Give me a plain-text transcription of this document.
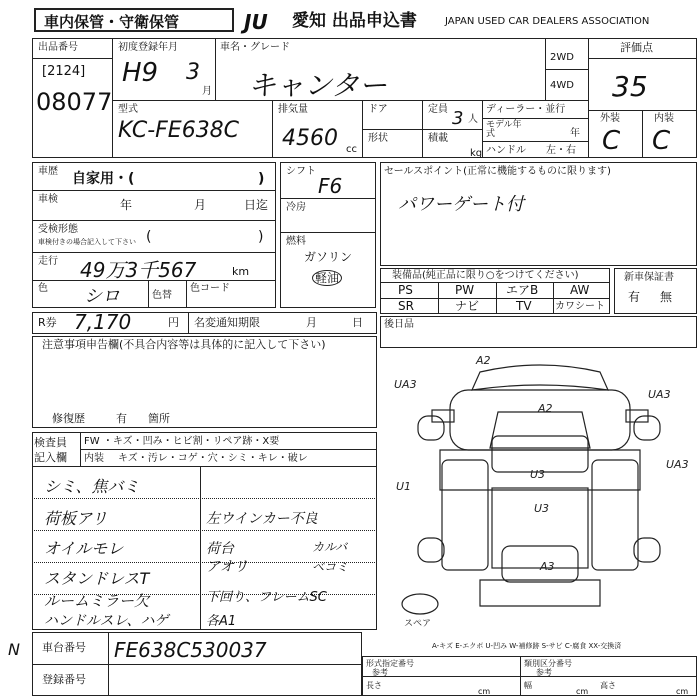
車内保管・守衛保管	JU	愛知 出品申込書	JAPAN USED CAR DEALERS ASSOCIATION
出品番号
[2124]
08077
初度登録年月
H9 3
月
車名・グレード
キャンター
2WD
4WD
評価点
35
型式
KC-FE638C
排気量
4560 cc
ドア
形状
定員 3 人
積載
kg
ディーラー・並行
モデル年式	年
ハンドル 左・右
外装	内装
C C
車歴 自家用・(	)
車検	年	月	日迄
受検形態
車検付きの場合記入して下さい (	)
走行 49万3千567	km
色 シロ	色替
色コード
シフト
F6
冷房
燃料
ガソリン
軽油
セールスポイント(正常に機能するものに限ります)
パワーゲート付
装備品(純正品に限り○をつけてください)
PS	PW	エアB	AW
SR	ナビ	TV カワシート
新車保証書
有 無
R券 7,170	円 名変通知期限	月	日 後日品
注意事項申告欄(不具合内容等は具体的に記入して下さい)
修復歴	有 箇所
検査員
記入欄
FW ・キズ・凹み・ヒビ割・リペア跡・X要
内装 キズ・汚レ・コゲ・穴・シミ・キレ・破レ
シミ、焦バミ
荷板アリ
オイルモレ
スタンドレスT
ルームミラー欠
ハンドルスレ、ハゲ
左ウインカー不良
荷台
アオリ
下回り、フレームSC
各A1
カルバ
ベコミ
A2
UA3
A2
UA3
U1
U3
U3
A3
UA3
スペア
A-キズ E-エクボ U-凹み W-補修跡 S-サビ C-腐食 XX-交換済
N 車台番号 FE638C530037
登録番号
形式指定番号	類別区分番号
参考	参考
長さ
cm
幅
cm
高さ
cm
